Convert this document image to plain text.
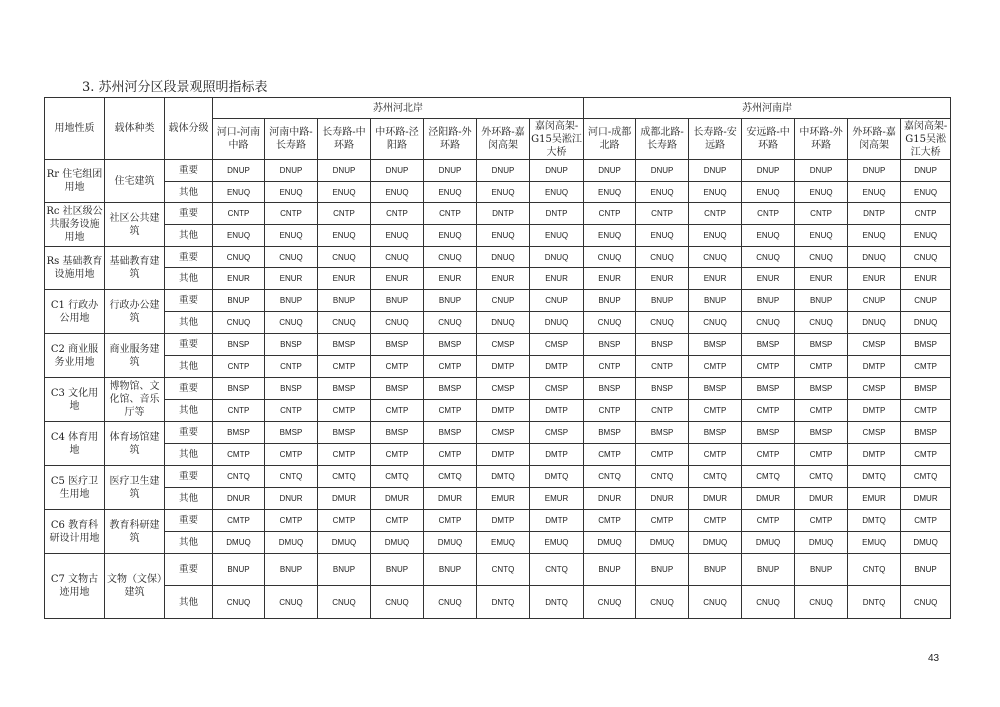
3. 苏州河分区段景观照明指标表
用地性质	载体种类	载体分级	苏州河北岸							苏州河南岸						
			河口-河南中路	河南中路-长寿路	长寿路-中环路	中环路-泾阳路	泾阳路-外环路	外环路-嘉闵高架	嘉闵高架-G15吴淞江大桥	河口-成都北路	成都北路-长寿路	长寿路-安远路	安远路-中环路	中环路-外环路	外环路-嘉闵高架	嘉闵高架-G15吴淞江大桥
Rr 住宅组团用地	住宅建筑	重要	DNUP	DNUP	DNUP	DNUP	DNUP	DNUP	DNUP	DNUP	DNUP	DNUP	DNUP	DNUP	DNUP	DNUP
		其他	ENUQ	ENUQ	ENUQ	ENUQ	ENUQ	ENUQ	ENUQ	ENUQ	ENUQ	ENUQ	ENUQ	ENUQ	ENUQ	ENUQ
Rc 社区级公共服务设施用地	社区公共建筑	重要	CNTP	CNTP	CNTP	CNTP	CNTP	DNTP	DNTP	CNTP	CNTP	CNTP	CNTP	CNTP	DNTP	CNTP
		其他	ENUQ	ENUQ	ENUQ	ENUQ	ENUQ	ENUQ	ENUQ	ENUQ	ENUQ	ENUQ	ENUQ	ENUQ	ENUQ	ENUQ
Rs 基础教育设施用地	基础教育建筑	重要	CNUQ	CNUQ	CNUQ	CNUQ	CNUQ	DNUQ	DNUQ	CNUQ	CNUQ	CNUQ	CNUQ	CNUQ	DNUQ	CNUQ
		其他	ENUR	ENUR	ENUR	ENUR	ENUR	ENUR	ENUR	ENUR	ENUR	ENUR	ENUR	ENUR	ENUR	ENUR
C1 行政办公用地	行政办公建筑	重要	BNUP	BNUP	BNUP	BNUP	BNUP	CNUP	CNUP	BNUP	BNUP	BNUP	BNUP	BNUP	CNUP	CNUP
		其他	CNUQ	CNUQ	CNUQ	CNUQ	CNUQ	DNUQ	DNUQ	CNUQ	CNUQ	CNUQ	CNUQ	CNUQ	DNUQ	DNUQ
C2 商业服务业用地	商业服务建筑	重要	BNSP	BNSP	BMSP	BMSP	BMSP	CMSP	CMSP	BNSP	BNSP	BMSP	BMSP	BMSP	CMSP	BMSP
		其他	CNTP	CNTP	CMTP	CMTP	CMTP	DMTP	DMTP	CNTP	CNTP	CMTP	CMTP	CMTP	DMTP	CMTP
C3 文化用地	博物馆、文化馆、音乐厅等	重要	BNSP	BNSP	BMSP	BMSP	BMSP	CMSP	CMSP	BNSP	BNSP	BMSP	BMSP	BMSP	CMSP	BMSP
		其他	CNTP	CNTP	CMTP	CMTP	CMTP	DMTP	DMTP	CNTP	CNTP	CMTP	CMTP	CMTP	DMTP	CMTP
C4 体育用地	体育场馆建筑	重要	BMSP	BMSP	BMSP	BMSP	BMSP	CMSP	CMSP	BMSP	BMSP	BMSP	BMSP	BMSP	CMSP	BMSP
		其他	CMTP	CMTP	CMTP	CMTP	CMTP	DMTP	DMTP	CMTP	CMTP	CMTP	CMTP	CMTP	DMTP	CMTP
C5 医疗卫生用地	医疗卫生建筑	重要	CNTQ	CNTQ	CMTQ	CMTQ	CMTQ	DMTQ	DMTQ	CNTQ	CNTQ	CMTQ	CMTQ	CMTQ	DMTQ	CMTQ
		其他	DNUR	DNUR	DMUR	DMUR	DMUR	EMUR	EMUR	DNUR	DNUR	DMUR	DMUR	DMUR	EMUR	DMUR
C6 教育科研设计用地	教育科研建筑	重要	CMTP	CMTP	CMTP	CMTP	CMTP	DMTP	DMTP	CMTP	CMTP	CMTP	CMTP	CMTP	DMTQ	CMTP
		其他	DMUQ	DMUQ	DMUQ	DMUQ	DMUQ	EMUQ	EMUQ	DMUQ	DMUQ	DMUQ	DMUQ	DMUQ	EMUQ	DMUQ
C7 文物古迹用地	文物（文保）建筑	重要	BNUP	BNUP	BNUP	BNUP	BNUP	CNTQ	CNTQ	BNUP	BNUP	BNUP	BNUP	BNUP	CNTQ	BNUP
		其他	CNUQ	CNUQ	CNUQ	CNUQ	CNUQ	DNTQ	DNTQ	CNUQ	CNUQ	CNUQ	CNUQ	CNUQ	DNTQ	CNUQ
43
